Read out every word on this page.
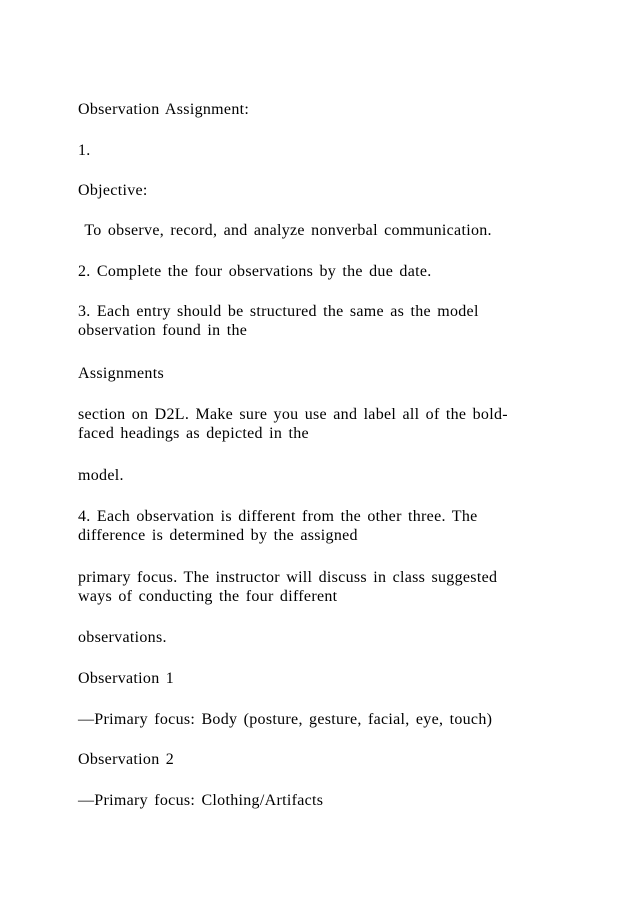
Observation Assignment:
1.
Objective:
To observe, record, and analyze nonverbal communication.
2. Complete the four observations by the due date.
3. Each entry should be structured the same as the model
observation found in the
Assignments
section on D2L. Make sure you use and label all of the bold-
faced headings as depicted in the
model.
4. Each observation is different from the other three. The
difference is determined by the assigned
primary focus. The instructor will discuss in class suggested
ways of conducting the four different
observations.
Observation 1
—Primary focus: Body (posture, gesture, facial, eye, touch)
Observation 2
—Primary focus: Clothing/Artifacts
